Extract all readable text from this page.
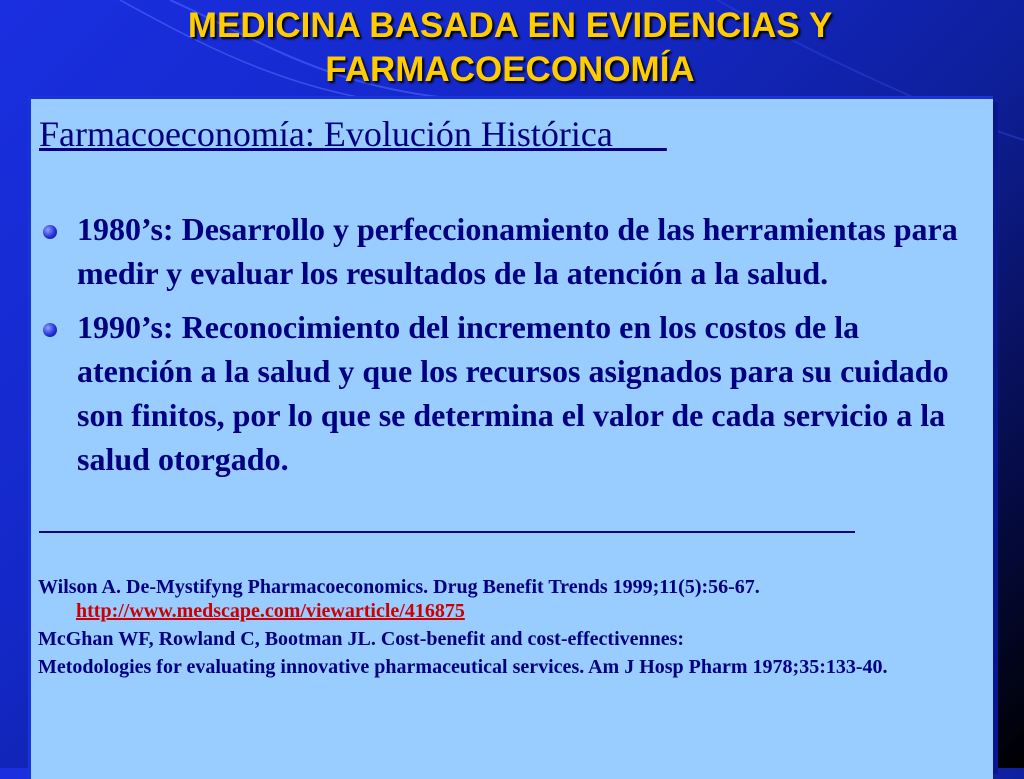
MEDICINA BASADA EN EVIDENCIAS Y FARMACOECONOMÍA
Farmacoeconomía: Evolución Histórica
1980’s: Desarrollo y perfeccionamiento de las herramientas para medir y evaluar los resultados de la atención a la salud.
1990’s: Reconocimiento del incremento en los costos de la atención a la salud y que los recursos asignados para su cuidado son finitos, por lo que se determina el valor de cada servicio a la salud otorgado.

Wilson A. De-Mystifyng Pharmacoeconomics. Drug Benefit Trends 1999;11(5):56-67. http://www.medscape.com/viewarticle/416875

McGhan WF, Rowland C, Bootman JL. Cost-benefit and cost-effectivennes:

Metodologies for evaluating innovative pharmaceutical services. Am J Hosp Pharm 1978;35:133-40.
